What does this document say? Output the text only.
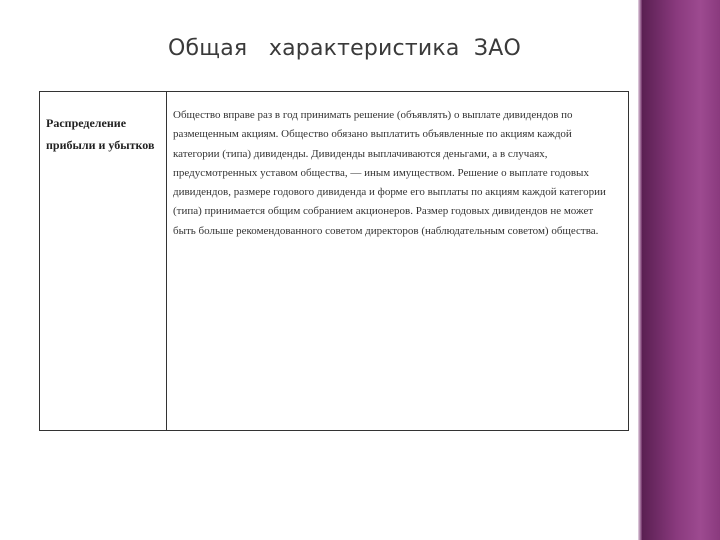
Общая   характеристика  ЗАО
Распределение прибыли и убытков
Общество вправе раз в год принимать решение (объявлять) о выплате дивидендов по размещенным акциям. Общество обязано выплатить объявленные по акциям каждой категории (типа) дивиденды. Дивиденды выплачиваются деньгами, а в случаях, предусмотренных уставом общества, — иным имуществом. Решение о выплате годовых дивидендов, размере годового дивиденда и форме его выплаты по акциям каждой категории (типа) принимается общим собранием акционеров. Размер годовых дивидендов не может быть больше рекомендованного советом директоров (наблюдательным советом) общества.
